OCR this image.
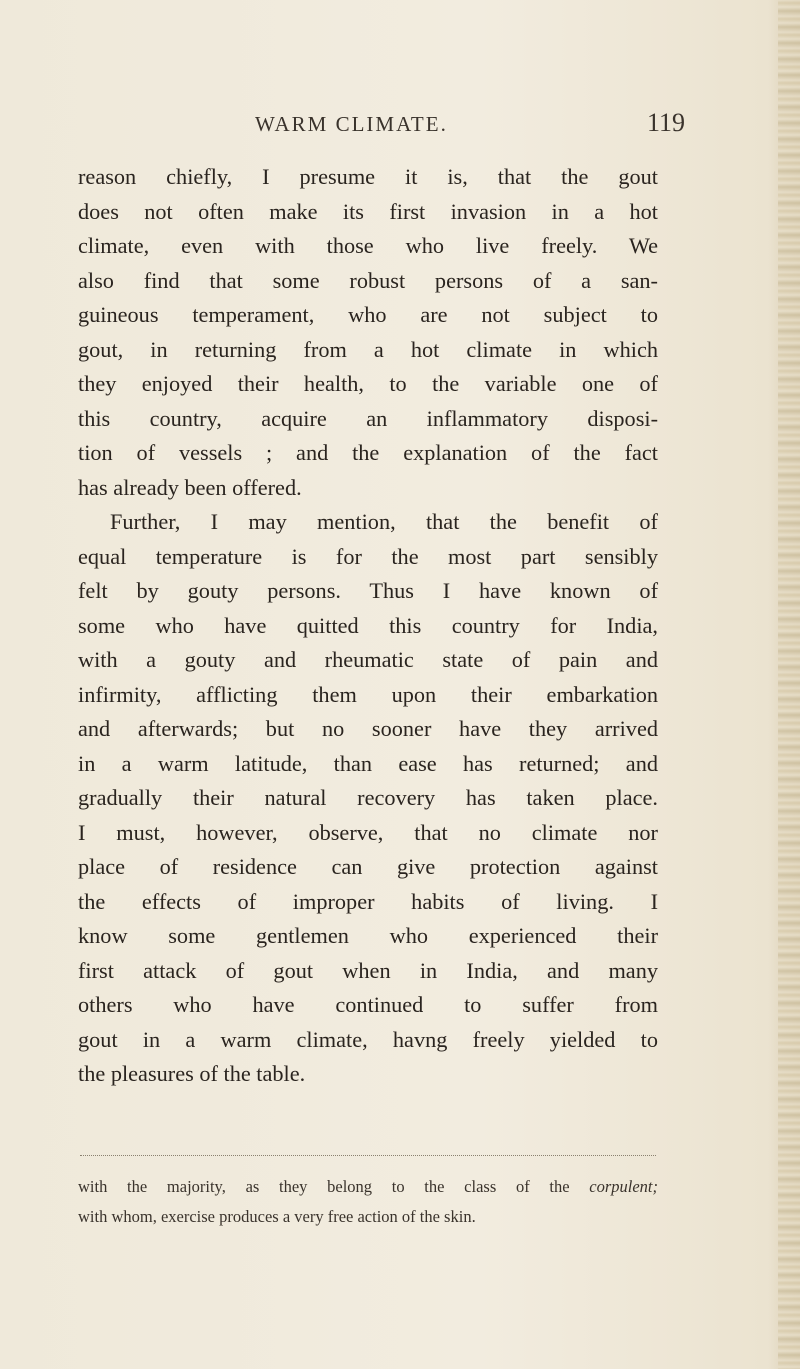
WARM CLIMATE.	119
reason chiefly, I presume it is, that the gout
does not often make its first invasion in a hot
climate, even with those who live freely. We
also find that some robust persons of a san-
guineous temperament, who are not subject to
gout, in returning from a hot climate in which
they enjoyed their health, to the variable one of
this country, acquire an inflammatory disposi-
tion of vessels ; and the explanation of the fact
has already been offered.
Further, I may mention, that the benefit of
equal temperature is for the most part sensibly
felt by gouty persons. Thus I have known of
some who have quitted this country for India,
with a gouty and rheumatic state of pain and
infirmity, afflicting them upon their embarkation
and afterwards; but no sooner have they arrived
in a warm latitude, than ease has returned; and
gradually their natural recovery has taken place.
I must, however, observe, that no climate nor
place of residence can give protection against
the effects of improper habits of living. I
know some gentlemen who experienced their
first attack of gout when in India, and many
others who have continued to suffer from
gout in a warm climate, havng freely yielded to
the pleasures of the table.
with the majority, as they belong to the class of the corpulent;
with whom, exercise produces a very free action of the skin.
